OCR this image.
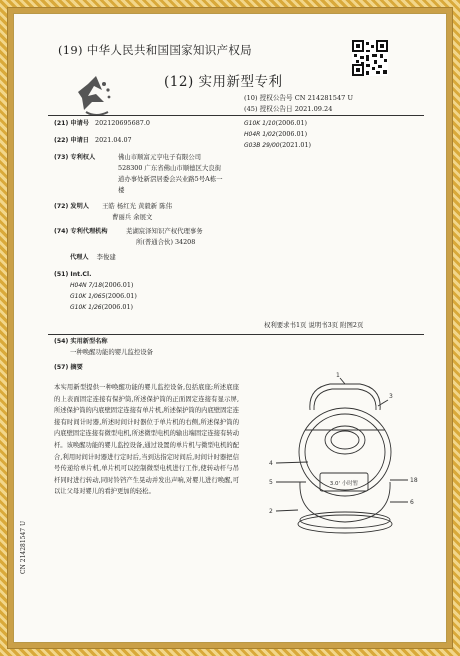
(19) 中华人民共和国国家知识产权局
(12) 实用新型专利
(10) 授权公告号 CN 214281547 U
(45) 授权公告日 2021.09.24
(21) 申请号 202120695687.0
(22) 申请日 2021.04.07
(73) 专利权人	佛山市顺富元亨电子有限公司
528300 广东省佛山市顺德区大良街
道办事处新滘居委会兴业路5号A栋一
楼
(72) 发明人 王皓 杨红光 黄毅新 陈伟
曹丽兵 余展文
(74) 专利代理机构	芜湖宸泽知识产权代理事务
所(普通合伙) 34208
代理人 李俊建
(51) Int.Cl.
H04N 7/18(2006.01)
G10K 1/065(2006.01)
G10K 1/26(2006.01)
G10K 1/10(2006.01)
H04R 1/02(2006.01)
G03B 29/00(2021.01)
权利要求书1页 说明书3页 附图2页
(54) 实用新型名称
一种唤醒功能的婴儿监控设备
(57) 摘要
本实用新型提供一种唤醒功能的婴儿监控设备,包括底座;所述底座的上表面固定连接有保护筒,所述保护筒的正面固定连接有显示屏,所述保护筒的内底壁固定连接有单片机,所述保护筒的内底壁固定连接有时间计时器,所述时间计时器位于单片机的右侧,所述保护筒的内底壁固定连接有微型电机,所述微型电机的输出端固定连接有转动杆。该唤醒功能的婴儿监控设备,通过设置的单片机与微型电机的配合,利用时间计时器进行定时后,当到达指定时间后,时间计时器把信号传递给单片机,单片机可以控制微型电机进行工作,使转动杆与吊杆同时进行转动,同时铃铛产生晃动并发出声响,对婴儿进行唤醒,可以让父母对婴儿的看护更加的轻松。
1
3
4
5	18
6
2
3.0' 小时暂
CN 214281547 U
